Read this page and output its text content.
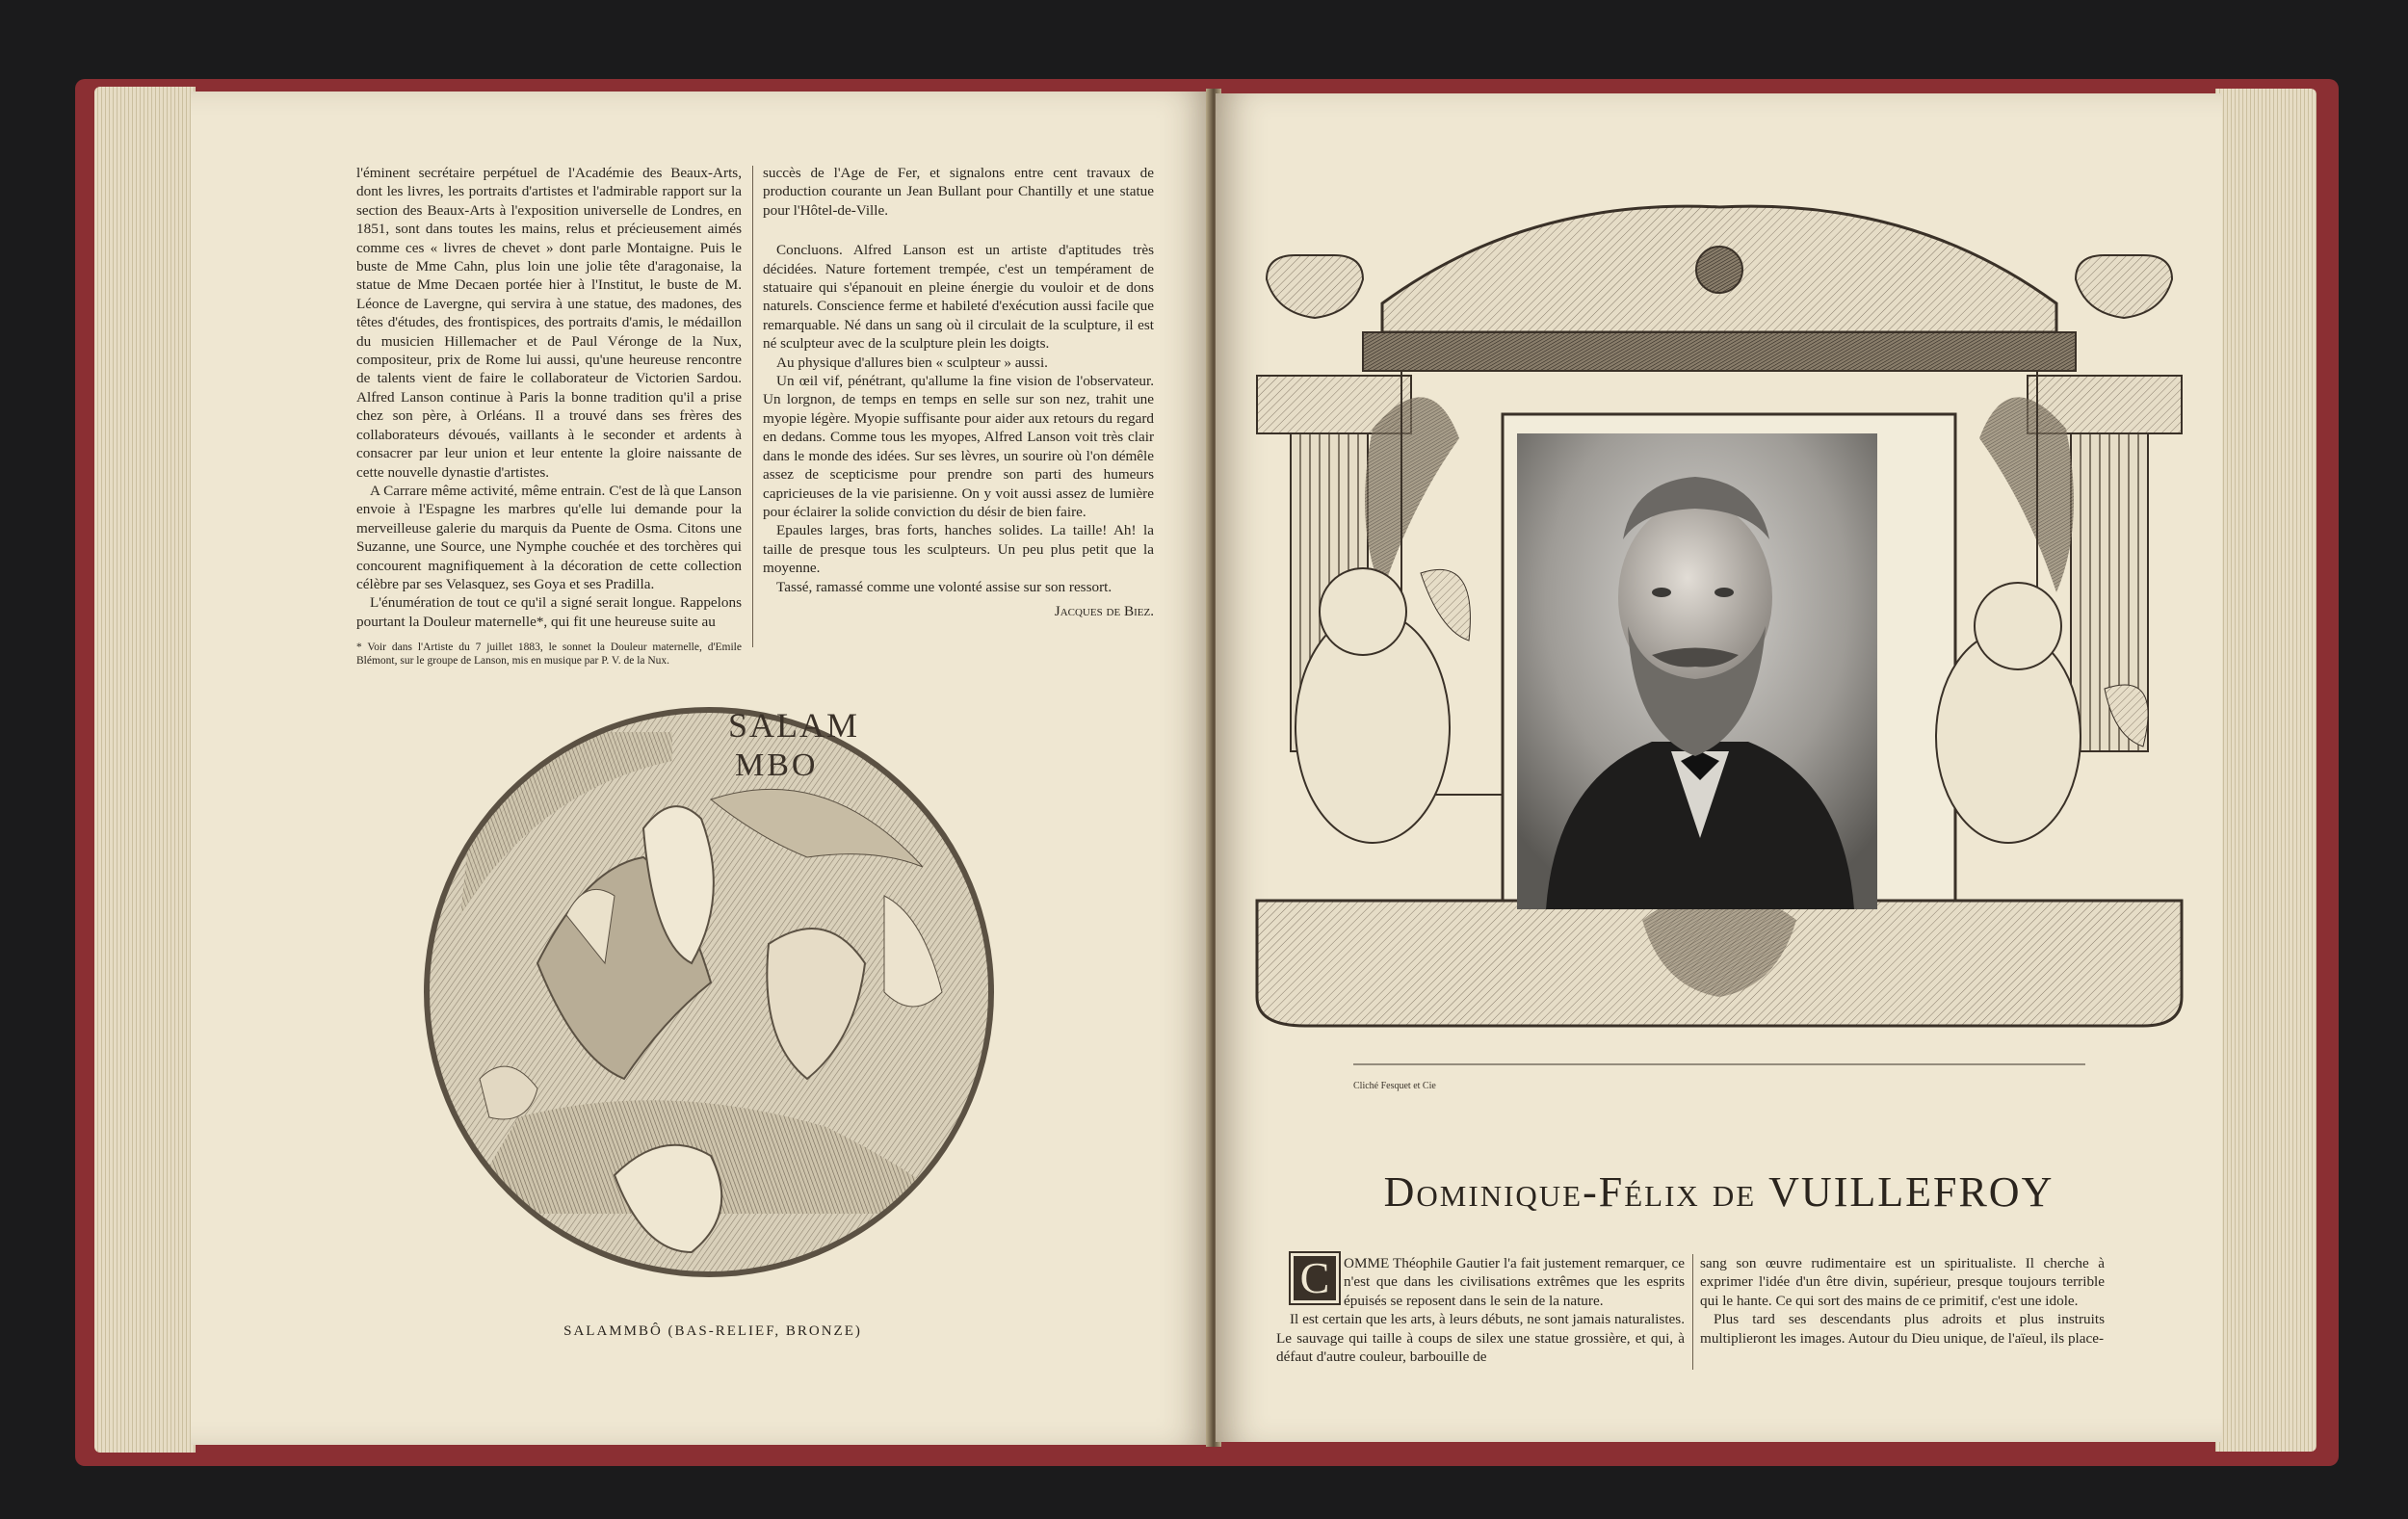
l'éminent secrétaire perpétuel de l'Académie des Beaux-Arts, dont les livres, les portraits d'artistes et l'admirable rapport sur la section des Beaux-Arts à l'exposition universelle de Londres, en 1851, sont dans toutes les mains, relus et précieusement aimés comme ces « livres de chevet » dont parle Montaigne. Puis le buste de Mme Cahn, plus loin une jolie tête d'aragonaise, la statue de Mme Decaen portée hier à l'Institut, le buste de M. Léonce de Lavergne, qui servira à une statue, des madones, des têtes d'études, des frontispices, des portraits d'amis, le médaillon du musicien Hillemacher et de Paul Véronge de la Nux, compositeur, prix de Rome lui aussi, qu'une heureuse rencontre de talents vient de faire le collaborateur de Victorien Sardou. Alfred Lanson continue à Paris la bonne tradition qu'il a prise chez son père, à Orléans. Il a trouvé dans ses frères des collaborateurs dévoués, vaillants à le seconder et ardents à consacrer par leur union et leur entente la gloire naissante de cette nouvelle dynastie d'artistes.

A Carrare même activité, même entrain. C'est de là que Lanson envoie à l'Espagne les marbres qu'elle lui demande pour la merveilleuse galerie du marquis da Puente de Osma. Citons une Suzanne, une Source, une Nymphe couchée et des torchères qui concourent magnifiquement à la décoration de cette collection célèbre par ses Velasquez, ses Goya et ses Pradilla.

L'énumération de tout ce qu'il a signé serait longue. Rappelons pourtant la Douleur maternelle*, qui fit une heureuse suite au

* Voir dans l'Artiste du 7 juillet 1883, le sonnet la Douleur maternelle, d'Emile Blémont, sur le groupe de Lanson, mis en musique par P. V. de la Nux.

succès de l'Age de Fer, et signalons entre cent travaux de production courante un Jean Bullant pour Chantilly et une statue pour l'Hôtel-de-Ville.

Concluons. Alfred Lanson est un artiste d'aptitudes très décidées. Nature fortement trempée, c'est un tempérament de statuaire qui s'épanouit en pleine énergie du vouloir et de dons naturels. Conscience ferme et habileté d'exécution aussi facile que remarquable. Né dans un sang où il circulait de la sculpture, il est né sculpteur avec de la sculpture plein les doigts.

Au physique d'allures bien « sculpteur » aussi.

Un œil vif, pénétrant, qu'allume la fine vision de l'observateur. Un lorgnon, de temps en temps en selle sur son nez, trahit une myopie légère. Myopie suffisante pour aider aux retours du regard en dedans. Comme tous les myopes, Alfred Lanson voit très clair dans le monde des idées. Sur ses lèvres, un sourire où l'on démêle assez de scepticisme pour prendre son parti des humeurs capricieuses de la vie parisienne. On y voit aussi assez de lumière pour éclairer la solide conviction du désir de bien faire.

Epaules larges, bras forts, hanches solides. La taille! Ah! la taille de presque tous les sculpteurs. Un peu plus petit que la moyenne.

Tassé, ramassé comme une volonté assise sur son ressort.

Jacques de Biez.
SALAM
MBO
SALAMMBÔ (BAS-RELIEF, BRONZE)
Cliché Fesquet et Cie
Dominique-Félix de VUILLEFROY
C OMME Théophile Gautier l'a fait justement remarquer, ce n'est que dans les civilisations extrêmes que les esprits épuisés se reposent dans le sein de la nature.

Il est certain que les arts, à leurs débuts, ne sont jamais naturalistes. Le sauvage qui taille à coups de silex une statue grossière, et qui, à défaut d'autre couleur, barbouille de

sang son œuvre rudimentaire est un spiritualiste. Il cherche à exprimer l'idée d'un être divin, supérieur, presque toujours terrible qui le hante. Ce qui sort des mains de ce primitif, c'est une idole.

Plus tard ses descendants plus adroits et plus instruits multiplieront les images. Autour du Dieu unique, de l'aïeul, ils place-
